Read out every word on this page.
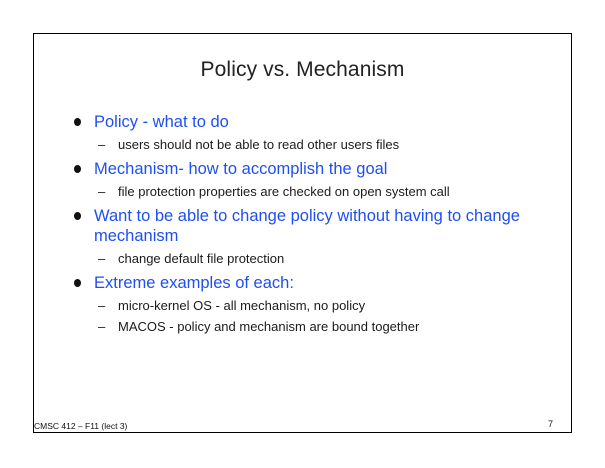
Policy vs. Mechanism
Policy - what to do
– users should not be able to read other users files
Mechanism- how to accomplish the goal
– file protection properties are checked on open system call
Want to be able to change policy without having to change mechanism
– change default file protection
Extreme examples of each:
– micro-kernel OS - all mechanism, no policy
– MACOS - policy and mechanism are bound together
CMSC 412 – F11 (lect 3)	7
